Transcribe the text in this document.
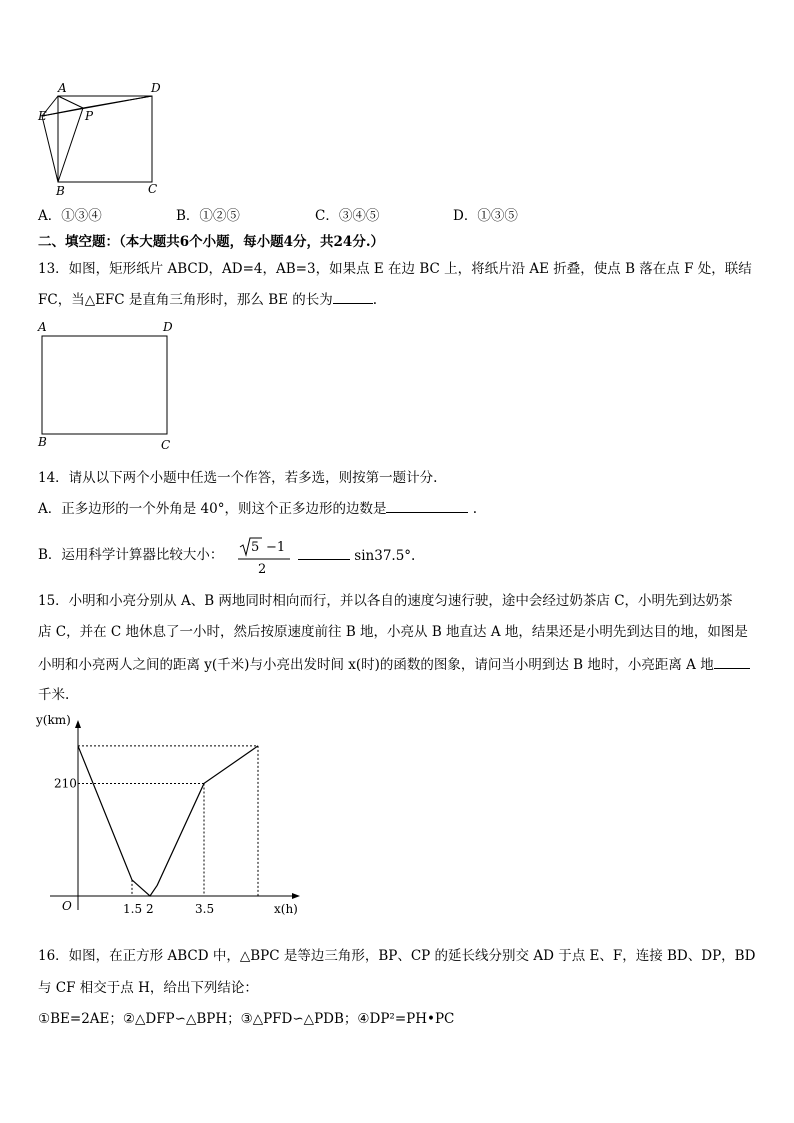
A	D
E	P
B	C
A．①③④	B．①②⑤	C．③④⑤	D．①③⑤
二、填空题：（本大题共6个小题，每小题4分，共24分.）
13．如图，矩形纸片 ABCD，AD=4，AB=3，如果点 E 在边 BC 上，将纸片沿 AE 折叠，使点 B 落在点 F 处，联结
FC，当△EFC 是直角三角形时，那么 BE 的长为	.
A	D
B	C
14．请从以下两个小题中任选一个作答，若多选，则按第一题计分.
A．正多边形的一个外角是 40°，则这个正多边形的边数是	.
B．运用科学计算器比较大小： 5 −1
2
sin37.5°.
15．小明和小亮分别从 A、B 两地同时相向而行，并以各自的速度匀速行驶，途中会经过奶茶店 C，小明先到达奶茶
店 C，并在 C 地休息了一小时，然后按原速度前往 B 地，小亮从 B 地直达 A 地，结果还是小明先到达目的地，如图是
小明和小亮两人之间的距离 y(千米)与小亮出发时间 x(时)的函数的图象，请问当小明到达 B 地时，小亮距离 A 地
千米.
1.5 2	3.5
210
O	x(h)
y(km)
16．如图，在正方形 ABCD 中，△BPC 是等边三角形，BP、CP 的延长线分别交 AD 于点 E、F，连接 BD、DP，BD
与 CF 相交于点 H，给出下列结论：
①BE=2AE；②△DFP∽△BPH；③△PFD∽△PDB；④DP²=PH•PC
